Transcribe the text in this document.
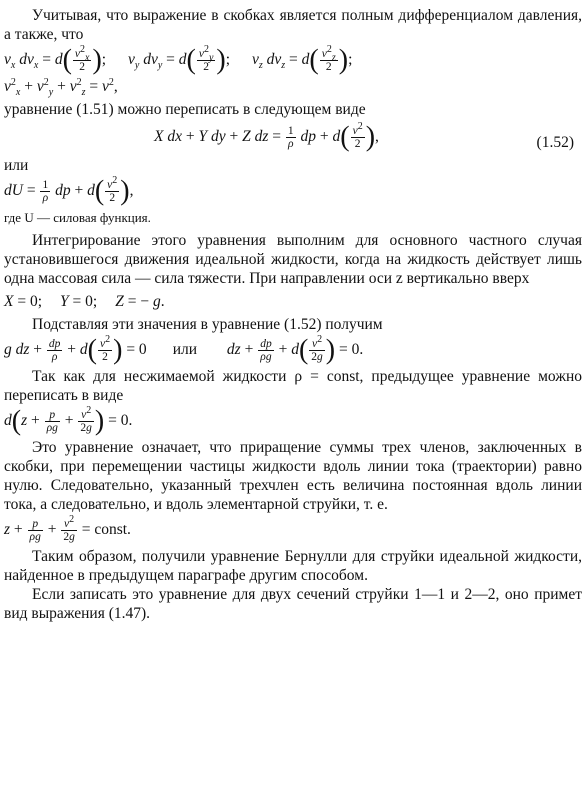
Учитывая, что выражение в скобках является полным дифференциалом давления, а также, что

$v_x$ $dv_x = d( \frac{v^2_x}{2}$ ); $v_y$ $dv_y = d( \frac{v^2_y}{2}$ ); $v_z$ $dv_z = d( \frac{v^2_z}{2}$ );
$v^2_x + v^2_y + v^2_z = v^2$,

уравнение (1.51) можно переписать в следующем виде

X dx + Y dy + Z dz = $\frac{1}{\rho}$ dp + $d( \frac{v^2}{2}$ ),	(1.52)

или

dU = $\frac{1}{\rho}$ dp + $d( \frac{v^2}{2}$ ),

где U — силовая функция.

Интегрирование этого уравнения выполним для основного частного случая установившегося движения идеальной жидкости, когда на жидкость действует лишь одна массовая сила — сила тяжести. При направлении оси z вертикально вверх

X = 0; Y = 0; Z = − g.

Подставляя эти значения в уравнение (1.52) получим

g dz + $\frac{dp}{\rho} + d( \frac{v^2}{2}$ ) = 0 или dz + $\frac{dp}{\rho g} + d( \frac{v^2}{2g}$ ) = 0.

Так как для несжимаемой жидкости ρ = const, предыдущее уравнение можно переписать в виде

$d(z + \frac{p}{\rho g} + \frac{v^2}{2g}$ ) = 0.

Это уравнение означает, что приращение суммы трех членов, заключенных в скобки, при перемещении частицы жидкости вдоль линии тока (траектории) равно нулю. Следовательно, указанный трехчлен есть величина постоянная вдоль линии тока, а следовательно, и вдоль элементарной струйки, т. е.

$z + \frac{p}{\rho g} + \frac{v^2}{2g}$ = const.

Таким образом, получили уравнение Бернулли для струйки идеальной жидкости, найденное в предыдущем параграфе другим способом.

Если записать это уравнение для двух сечений струйки 1—1 и 2—2, оно примет вид выражения (1.47).
